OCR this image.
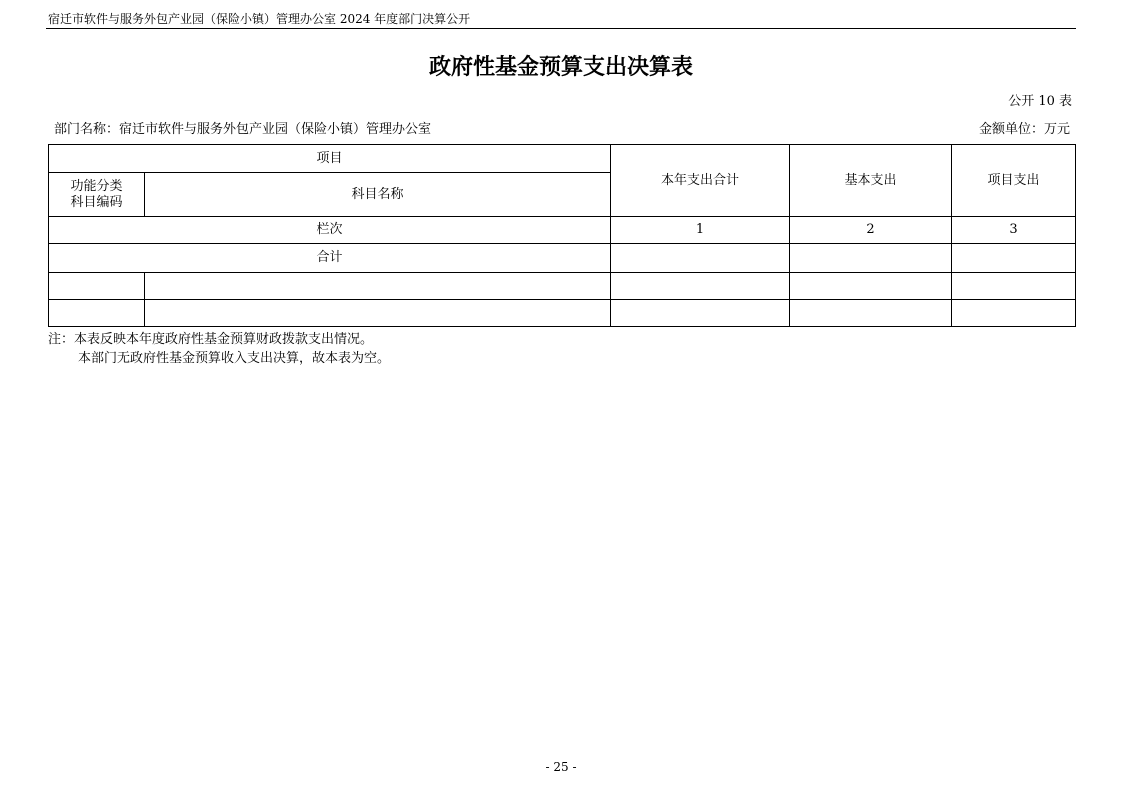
宿迁市软件与服务外包产业园（保险小镇）管理办公室 2024 年度部门决算公开
政府性基金预算支出决算表
公开 10 表
部门名称：宿迁市软件与服务外包产业园（保险小镇）管理办公室	金额单位：万元
项目		本年支出合计	基本支出	项目支出
功能分类
科目编码	科目名称			
栏次		1	2	3
合计				

注：本表反映本年度政府性基金预算财政拨款支出情况。
本部门无政府性基金预算收入支出决算，故本表为空。
- 25 -
